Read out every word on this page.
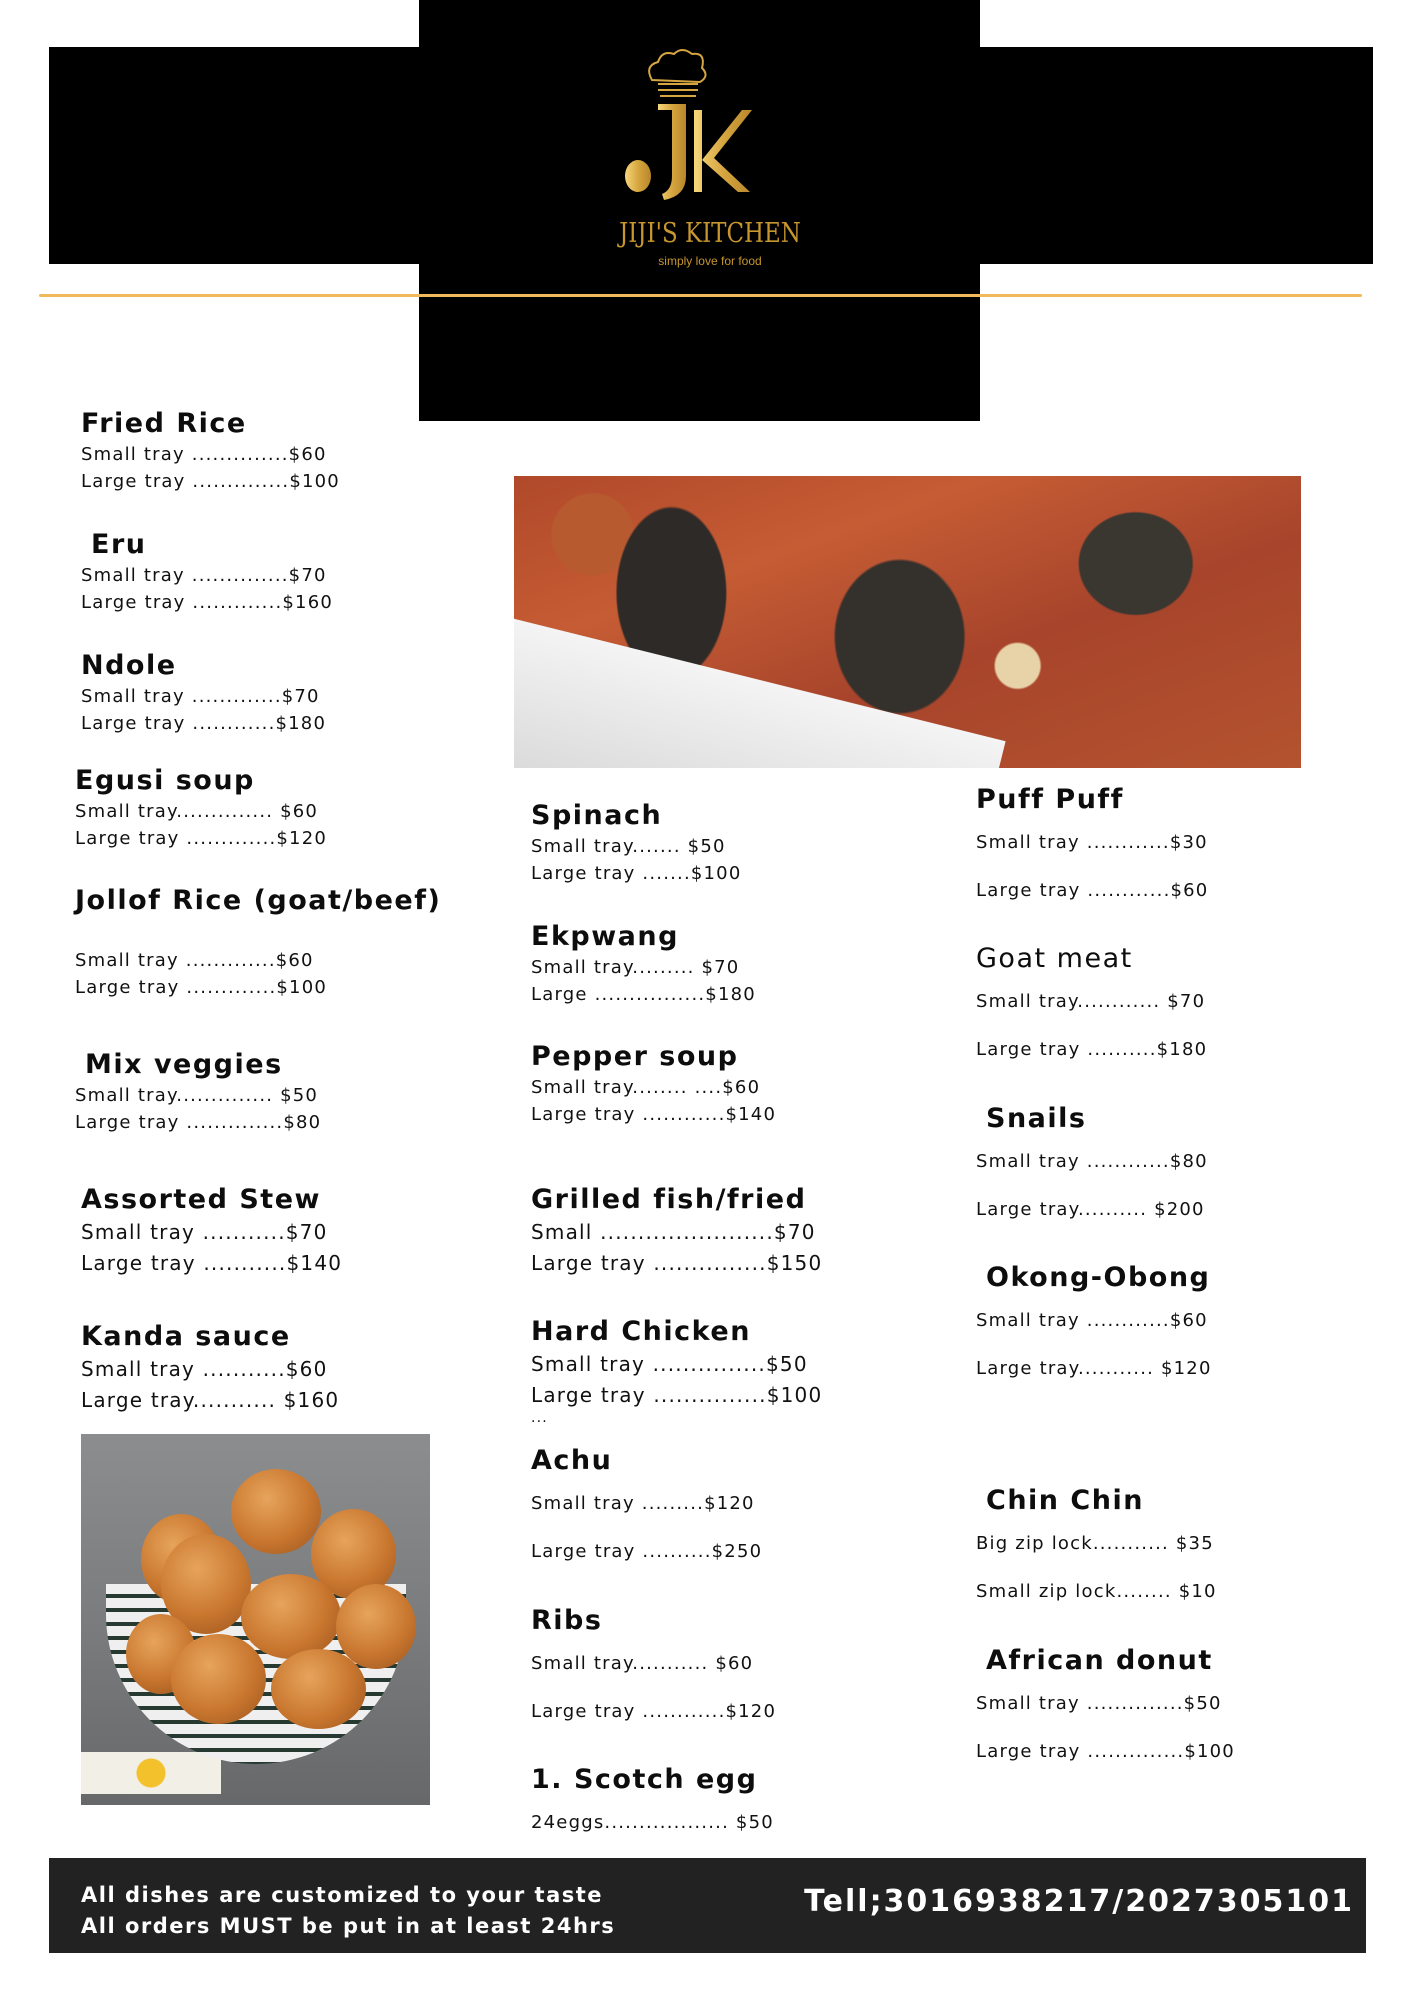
JIJI'S KITCHEN
simply love for food
Fried Rice
Small tray ..............$60
Large tray ..............$100
Eru
Small tray ..............$70
Large tray .............$160
Ndole
Small tray .............$70
Large tray ............$180
Egusi soup
Small tray.............. $60
Large tray .............$120
Jollof Rice (goat/beef)
Small tray .............$60
Large tray .............$100
Mix veggies
Small tray.............. $50
Large tray ..............$80
Assorted Stew
Small tray ...........$70
Large tray ...........$140
Kanda sauce
Small tray ...........$60
Large tray........... $160
Spinach
Small tray....... $50
Large tray .......$100
Ekpwang
Small tray......... $70
Large ................$180
Pepper soup
Small tray........ ....$60
Large tray ............$140
Grilled fish/fried
Small .......................$70
Large tray ...............$150
Hard Chicken
Small tray ...............$50
Large tray ...............$100
...
Achu
Small tray .........$120
Large tray ..........$250
Ribs
Small tray........... $60
Large tray ............$120
1. Scotch egg
24eggs.................. $50
Puff Puff
Small tray ............$30
Large tray ............$60
Goat meat
Small tray............ $70
Large tray ..........$180
Snails
Small tray ............$80
Large tray.......... $200
Okong-Obong
Small tray ............$60
Large tray........... $120
Chin Chin
Big zip lock........... $35
Small zip lock........ $10
African donut
Small tray ..............$50
Large tray ..............$100
All dishes are customized to your taste
All orders MUST be put in at least 24hrs
Tell;3016938217/2027305101
